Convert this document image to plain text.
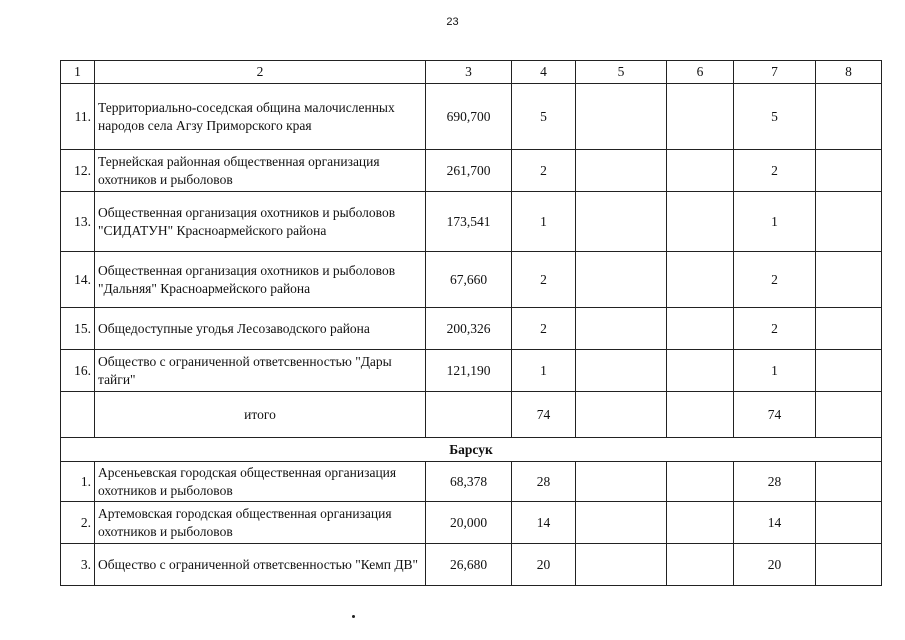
23
1	2	3	4	5	6	7	8
11.	Территориально-соседская община малочисленных народов села Агзу Приморского края	690,700	5			5	
12.	Тернейская районная общественная организация охотников и рыболовов	261,700	2			2	
13.	Общественная организация охотников и рыболовов "СИДАТУН" Красноармейского района	173,541	1			1	
14.	Общественная организация охотников и рыболовов "Дальняя" Красноармейского района	67,660	2			2	
15.	Общедоступные угодья Лесозаводского района	200,326	2			2	
16.	Общество с ограниченной ответсвенностью "Дары тайги"	121,190	1			1	
	итого		74			74	
Барсук							
1.	Арсеньевская городская общественная организация охотников и рыболовов	68,378	28			28	
2.	Артемовская городская общественная организация охотников и рыболовов	20,000	14			14	
3.	Общество с ограниченной ответсвенностью "Кемп ДВ"	26,680	20			20	
